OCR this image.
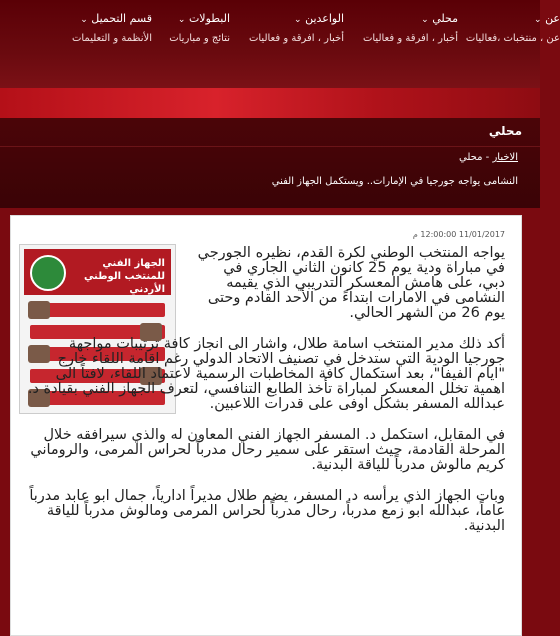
⌄ عن
عن ، منتخبات ،فعاليات
⌄ محلي
أخبار ، افرقة و فعاليات
⌄ الواعدين
أخبار ، افرقة و فعاليات
⌄ البطولات
نتائج و مباريات
⌄ قسم التحميل
الأنظمة و التعليمات
محلي
الاخبار - محلي
النشامى يواجه جورجيا في الإمارات.. ويستكمل الجهاز الفني
11/01/2017 12:00:00 م
الجهاز الفني للمنتخب الوطني الأردني

يواجه المنتخب الوطني لكرة القدم، نظيره الجورجي في مباراة ودية يوم 25 كانون الثاني الجاري في دبي، على هامش المعسكر التدريبي الذي يقيمه النشامى في الامارات ابتداءً من الأحد القادم وحتى يوم 26 من الشهر الحالي.

أكد ذلك مدير المنتخب اسامة طلال، واشار الى انجاز كافة ترتيبات مواجهة جورجيا الودية التي ستدخل في تصنيف الاتحاد الدولي رغم اقامة اللقاء خارج "ايام الفيفا"، بعد استكمال كافة المخاطبات الرسمية لاعتماد اللقاء، لافتاً الى اهمية تخلل المعسكر لمباراة تأخذ الطابع التنافسي، لتعرف الجهاز الفني بقيادة د. عبدالله المسفر بشكل اوفى على قدرات اللاعبين.

في المقابل، استكمل د. المسفر الجهاز الفني المعاون له والذي سيرافقه خلال المرحلة القادمة، حيث استقر على سمير رحال مدرباً لحراس المرمى، والروماني كريم مالوش مدرباً للياقة البدنية.

وبات الجهاز الذي يرأسه د. المسفر، يضم طلال مديراً ادارياً، جمال ابو عابد مدرباً عاماً، عبدالله ابو زمع مدرباً، رحال مدرباً لحراس المرمى ومالوش مدرباً للياقة البدنية.
